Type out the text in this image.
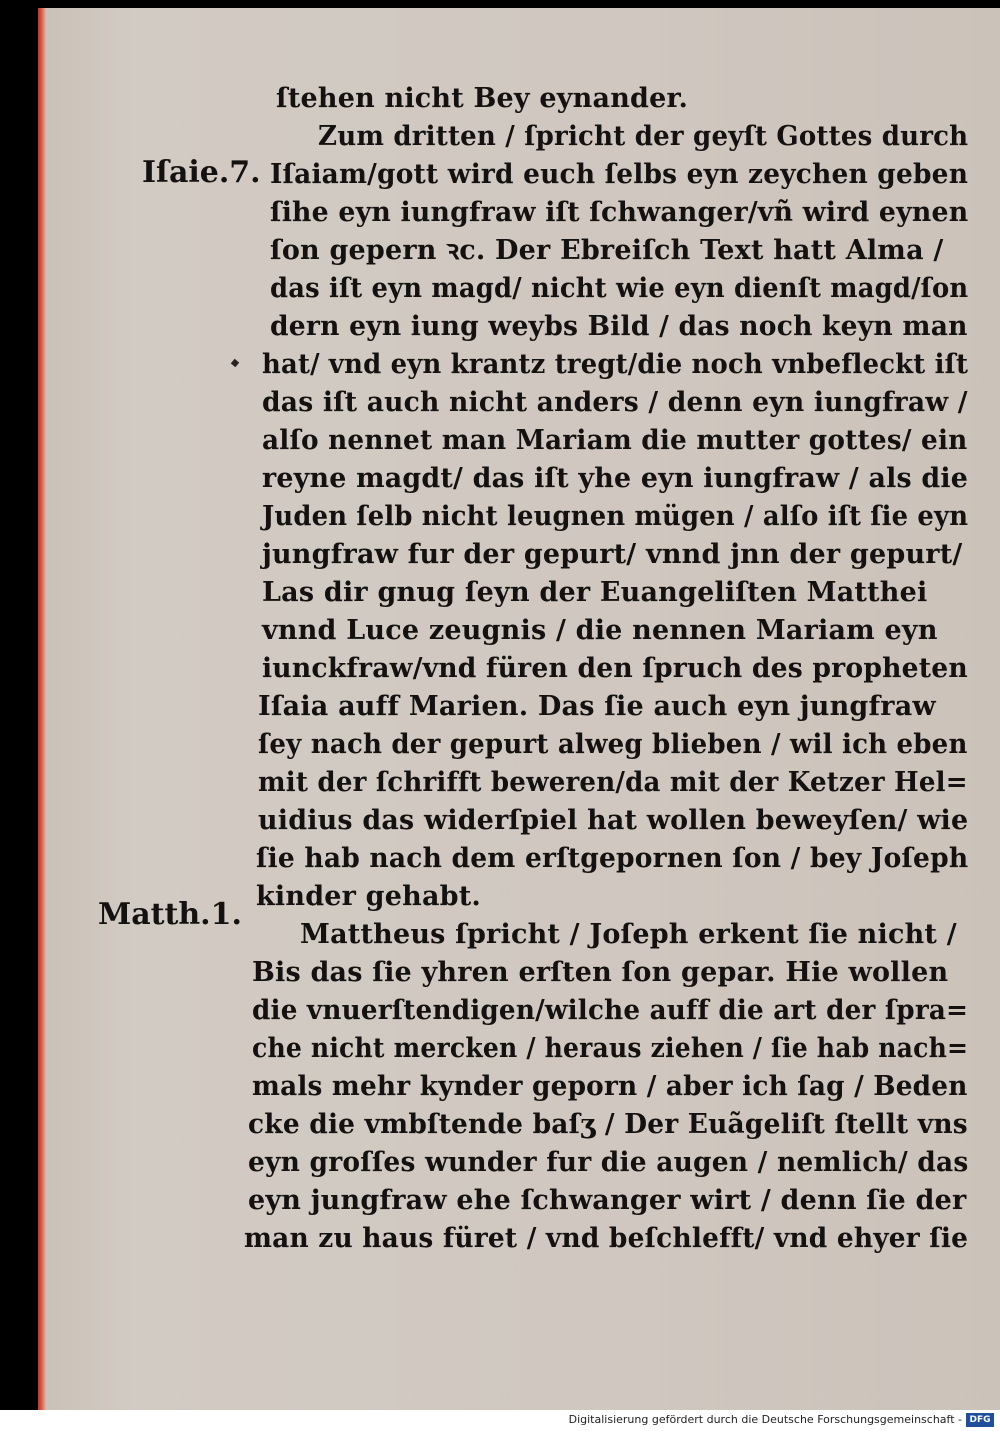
ſtehen nicht Bey eynander.
Zum dritten / ſpricht der geyſt Gottes durch
Iſaiam/gott wird euch ſelbs eyn zeychen geben
ſihe eyn iungfraw iſt ſchwanger/vñ wird eynen
ſon gepern ꝛc. Der Ebreiſch Text hatt Alma /
das iſt eyn magd/ nicht wie eyn dienſt magd/ſon
dern eyn iung weybs Bild / das noch keyn man
hat/ vnd eyn krantz tregt/die noch vnbefleckt iſt
das iſt auch nicht anders / denn eyn iungfraw /
alſo nennet man Mariam die mutter gottes/ ein
reyne magdt/ das iſt yhe eyn iungfraw / als die
Juden ſelb nicht leugnen mügen / alſo iſt ſie eyn
jungfraw fur der gepurt/ vnnd jnn der gepurt/
Las dir gnug ſeyn der Euangeliſten Matthei
vnnd Luce zeugnis / die nennen Mariam eyn
iunckfraw/vnd füren den ſpruch des propheten
Iſaia auff Marien. Das ſie auch eyn jungfraw
ſey nach der gepurt alweg blieben / wil ich eben
mit der ſchrifft beweren/da mit der Ketzer Hel=
uidius das widerſpiel hat wollen beweyſen/ wie
ſie hab nach dem erſtgepornen ſon / bey Joſeph
kinder gehabt.
Mattheus ſpricht / Joſeph erkent ſie nicht /
Bis das ſie yhren erſten ſon gepar. Hie wollen
die vnuerſtendigen/wilche auff die art der ſpra=
che nicht mercken / heraus ziehen / ſie hab nach=
mals mehr kynder geporn / aber ich ſag / Beden
cke die vmbſtende baſʒ / Der Euãgeliſt ſtellt vns
eyn groſſes wunder fur die augen / nemlich/ das
eyn jungfraw ehe ſchwanger wirt / denn ſie der
man zu haus füret / vnd beſchlefft/ vnd ehyer ſie
Iſaie.7.
Matth.1.
Digitalisierung gefördert durch die Deutsche Forschungsgemeinschaft - DFG
